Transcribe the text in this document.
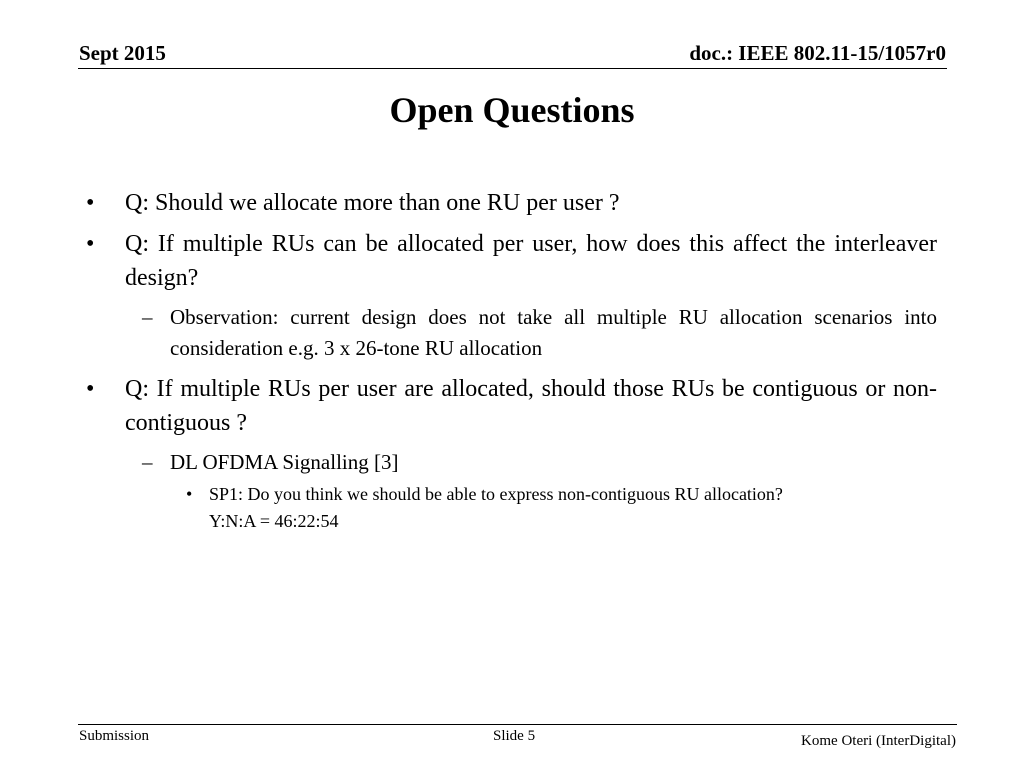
Sept 2015	doc.: IEEE 802.11-15/1057r0
Open Questions
• Q: Should we allocate more than one RU per user ?
• Q: If multiple RUs can be allocated per user, how does this affect the interleaver design?
– Observation: current design does not take all multiple RU allocation scenarios into consideration e.g. 3 x 26-tone RU allocation
• Q: If multiple RUs per user are allocated, should those RUs be contiguous or non-contiguous ?
– DL OFDMA Signalling [3]
• SP1: Do you think we should be able to express non-contiguous RU allocation?
Y:N:A = 46:22:54
Submission	Slide 5	Kome Oteri (InterDigital)
